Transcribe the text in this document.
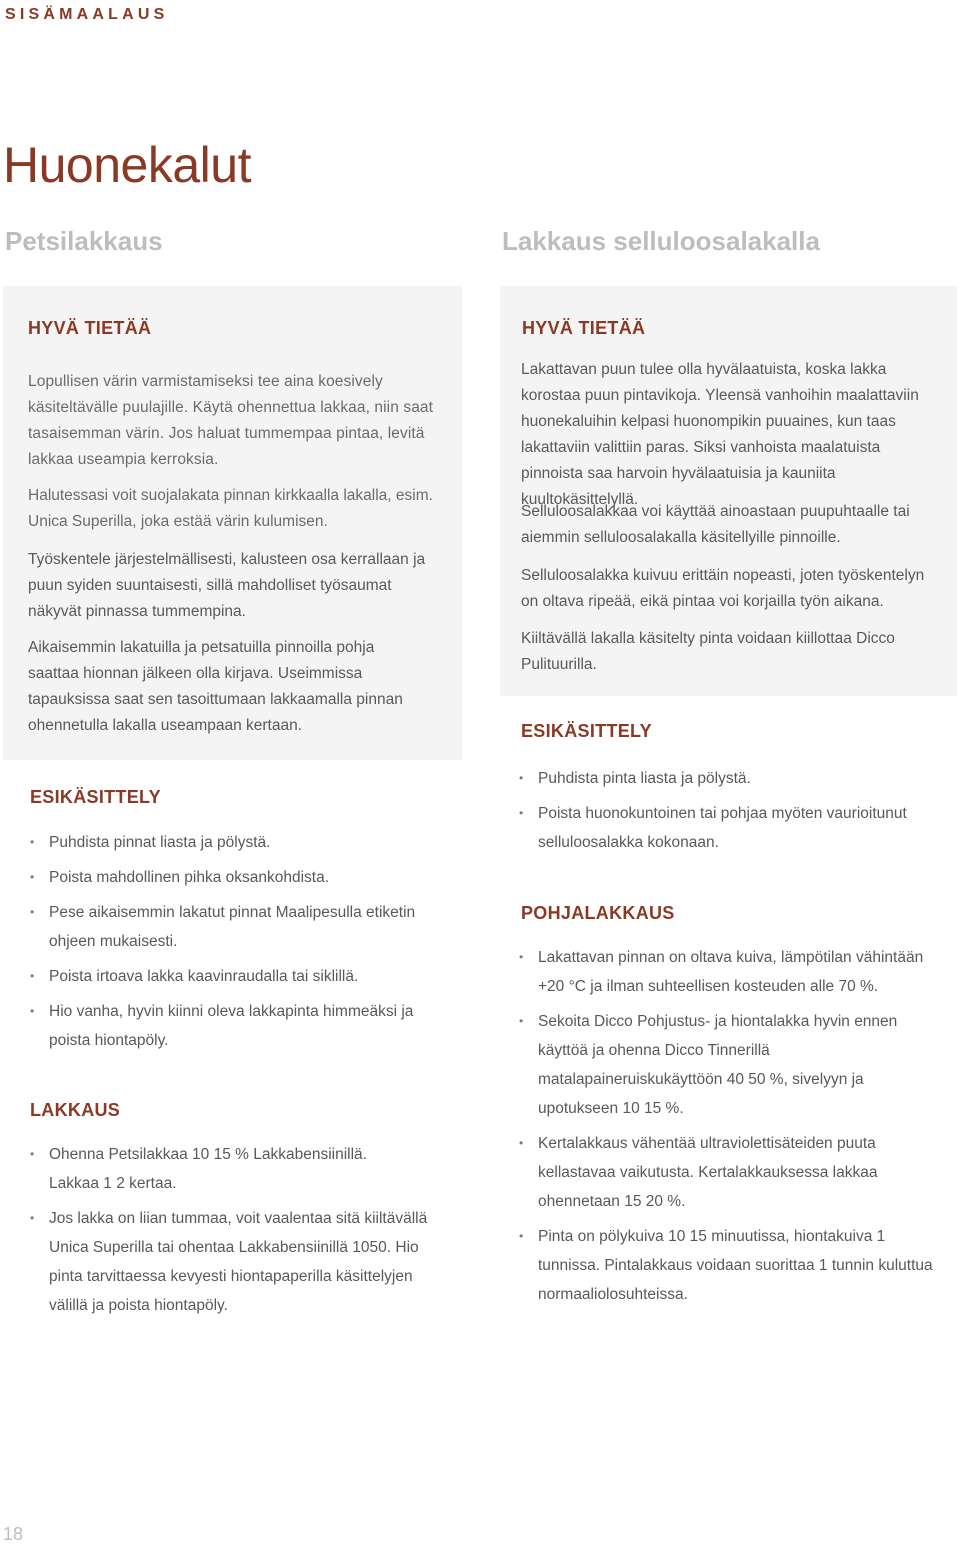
SISÄMAALAUS
Huonekalut
Petsilakkaus	Lakkaus selluloosalakalla
HYVÄ TIETÄÄ

Lopullisen värin varmistamiseksi tee aina koesively käsiteltävälle puulajille. Käytä ohennettua lakkaa, niin saat tasaisemman värin. Jos haluat tummempaa pintaa, levitä lakkaa useampia kerroksia.

Halutessasi voit suojalakata pinnan kirkkaalla lakalla, esim. Unica Superilla, joka estää värin kulumisen.

Työskentele järjestelmällisesti, kalusteen osa kerrallaan ja puun syiden suuntaisesti, sillä mahdolliset työsaumat näkyvät pinnassa tummempina.

Aikaisemmin lakatuilla ja petsatuilla pinnoilla pohja saattaa hionnan jälkeen olla kirjava. Useimmissa tapauksissa saat sen tasoittumaan lakkaamalla pinnan ohennetulla lakalla useampaan kertaan.

ESIKÄSITTELY
• Puhdista pinnat liasta ja pölystä.
• Poista mahdollinen pihka oksankohdista.
• Pese aikaisemmin lakatut pinnat Maalipesulla etiketin ohjeen mukaisesti.
• Poista irtoava lakka kaavinraudalla tai siklillä.
• Hio vanha, hyvin kiinni oleva lakkapinta himmeäksi ja poista hiontapöly.
LAKKAUS
• Ohenna Petsilakkaa 10 15 % Lakkabensiinillä. Lakkaa 1 2 kertaa.
• Jos lakka on liian tummaa, voit vaalentaa sitä kiiltävällä Unica Superilla tai ohentaa Lakkabensiinillä 1050. Hio pinta tarvittaessa kevyesti hiontapaperilla käsittelyjen välillä ja poista hiontapöly.
HYVÄ TIETÄÄ

Lakattavan puun tulee olla hyvälaatuista, koska lakka korostaa puun pintavikoja. Yleensä vanhoihin maalattaviin huonekaluihin kelpasi huonompikin puuaines, kun taas lakattaviin valittiin paras. Siksi vanhoista maalatuista pinnoista saa harvoin hyvälaatuisia ja kauniita kuultokäsittelyllä.

Selluloosalakkaa voi käyttää ainoastaan puupuhtaalle tai aiemmin selluloosalakalla käsitellyille pinnoille.

Selluloosalakka kuivuu erittäin nopeasti, joten työskentelyn on oltava ripeää, eikä pintaa voi korjailla työn aikana.

Kiiltävällä lakalla käsitelty pinta voidaan kiillottaa Dicco Pulituurilla.

ESIKÄSITTELY
• Puhdista pinta liasta ja pölystä.
• Poista huonokuntoinen tai pohjaa myöten vaurioitunut selluloosalakka kokonaan.
POHJALAKKAUS
• Lakattavan pinnan on oltava kuiva, lämpötilan vähintään +20 °C ja ilman suhteellisen kosteuden alle 70 %.
• Sekoita Dicco Pohjustus- ja hiontalakka hyvin ennen käyttöä ja ohenna Dicco Tinnerillä matalapaineruiskukäyttöön 40 50 %, sivelyyn ja upotukseen 10 15 %.
• Kertalakkaus vähentää ultraviolettisäteiden puuta kellastavaa vaikutusta. Kertalakkauksessa lakkaa ohennetaan 15 20 %.
• Pinta on pölykuiva 10 15 minuutissa, hiontakuiva 1 tunnissa. Pintalakkaus voidaan suorittaa 1 tunnin kuluttua normaaliolosuhteissa.
18
